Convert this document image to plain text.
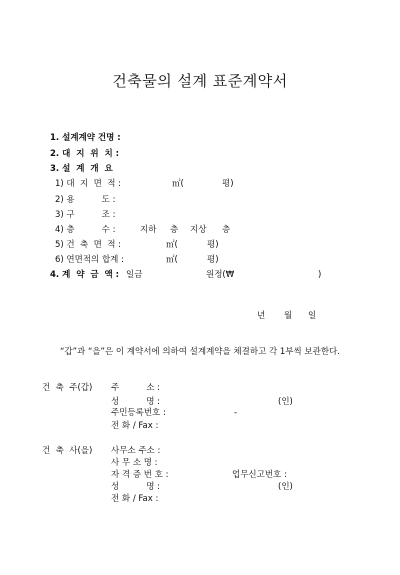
건축물의 설계 표준계약서
1. 설계계약 건명 :
2. 대  지  위  치 :
3. 설  계  개  요
1) 대  지  면  적 :	㎡(	평)
2) 용          도 :
3) 구          조 :
4) 층          수 :	지하 층 지상 층
5) 건  축  면  적 :	㎡(	평)
6) 연면적의 합계 :	㎡(	평)
4. 계  약  금  액 : 일금	원정(₩	)
년 월 일
“갑”과 “을”은 이 계약서에 의하여 설계계약을 체결하고 각 1부씩 보관한다.
건  축  주(갑) 주          소 :
성          명 :	(인)
주민등록번호 :	-
전 화 / Fax :
건  축  사(을) 사무소 주소 :
사 무 소 명 :
자 격 증 번 호 :	업무신고번호 :
성          명 :	(인)
전 화 / Fax :
